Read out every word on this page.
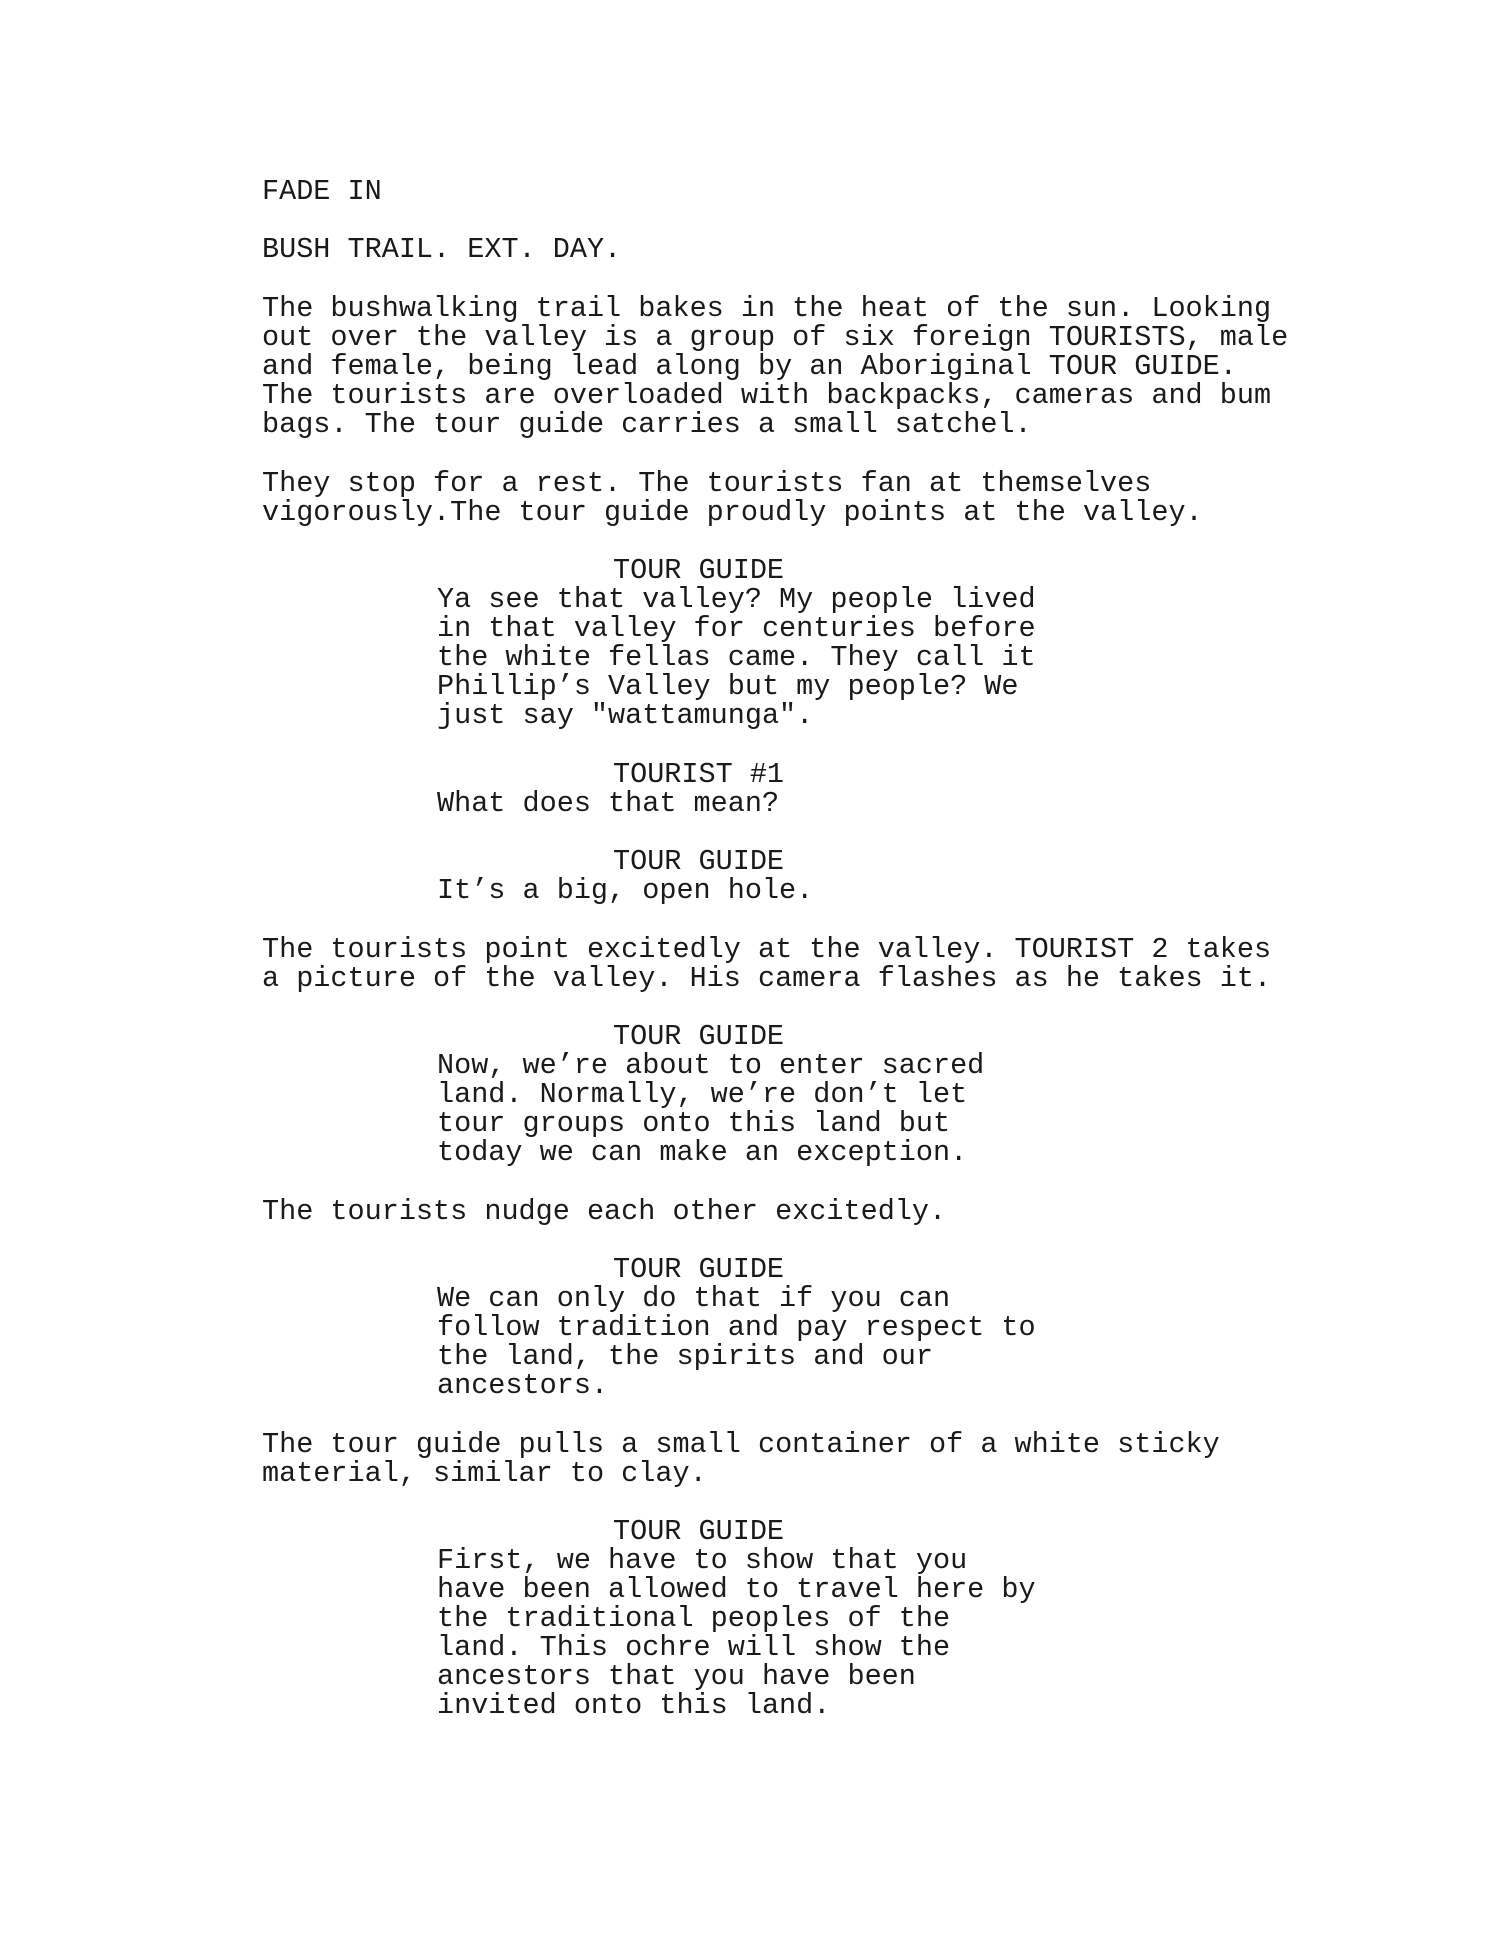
FADE IN
BUSH TRAIL. EXT. DAY.
The bushwalking trail bakes in the heat of the sun. Looking
out over the valley is a group of six foreign TOURISTS, male
and female, being lead along by an Aboriginal TOUR GUIDE.
The tourists are overloaded with backpacks, cameras and bum
bags. The tour guide carries a small satchel.
They stop for a rest. The tourists fan at themselves
vigorously.The tour guide proudly points at the valley.
TOUR GUIDE
Ya see that valley? My people lived
in that valley for centuries before
the white fellas came. They call it
Phillip’s Valley but my people? We
just say "wattamunga".
TOURIST #1
What does that mean?
TOUR GUIDE
It’s a big, open hole.
The tourists point excitedly at the valley. TOURIST 2 takes
a picture of the valley. His camera flashes as he takes it.
TOUR GUIDE
Now, we’re about to enter sacred
land. Normally, we’re don’t let
tour groups onto this land but
today we can make an exception.
The tourists nudge each other excitedly.
TOUR GUIDE
We can only do that if you can
follow tradition and pay respect to
the land, the spirits and our
ancestors.
The tour guide pulls a small container of a white sticky
material, similar to clay.
TOUR GUIDE
First, we have to show that you
have been allowed to travel here by
the traditional peoples of the
land. This ochre will show the
ancestors that you have been
invited onto this land.
